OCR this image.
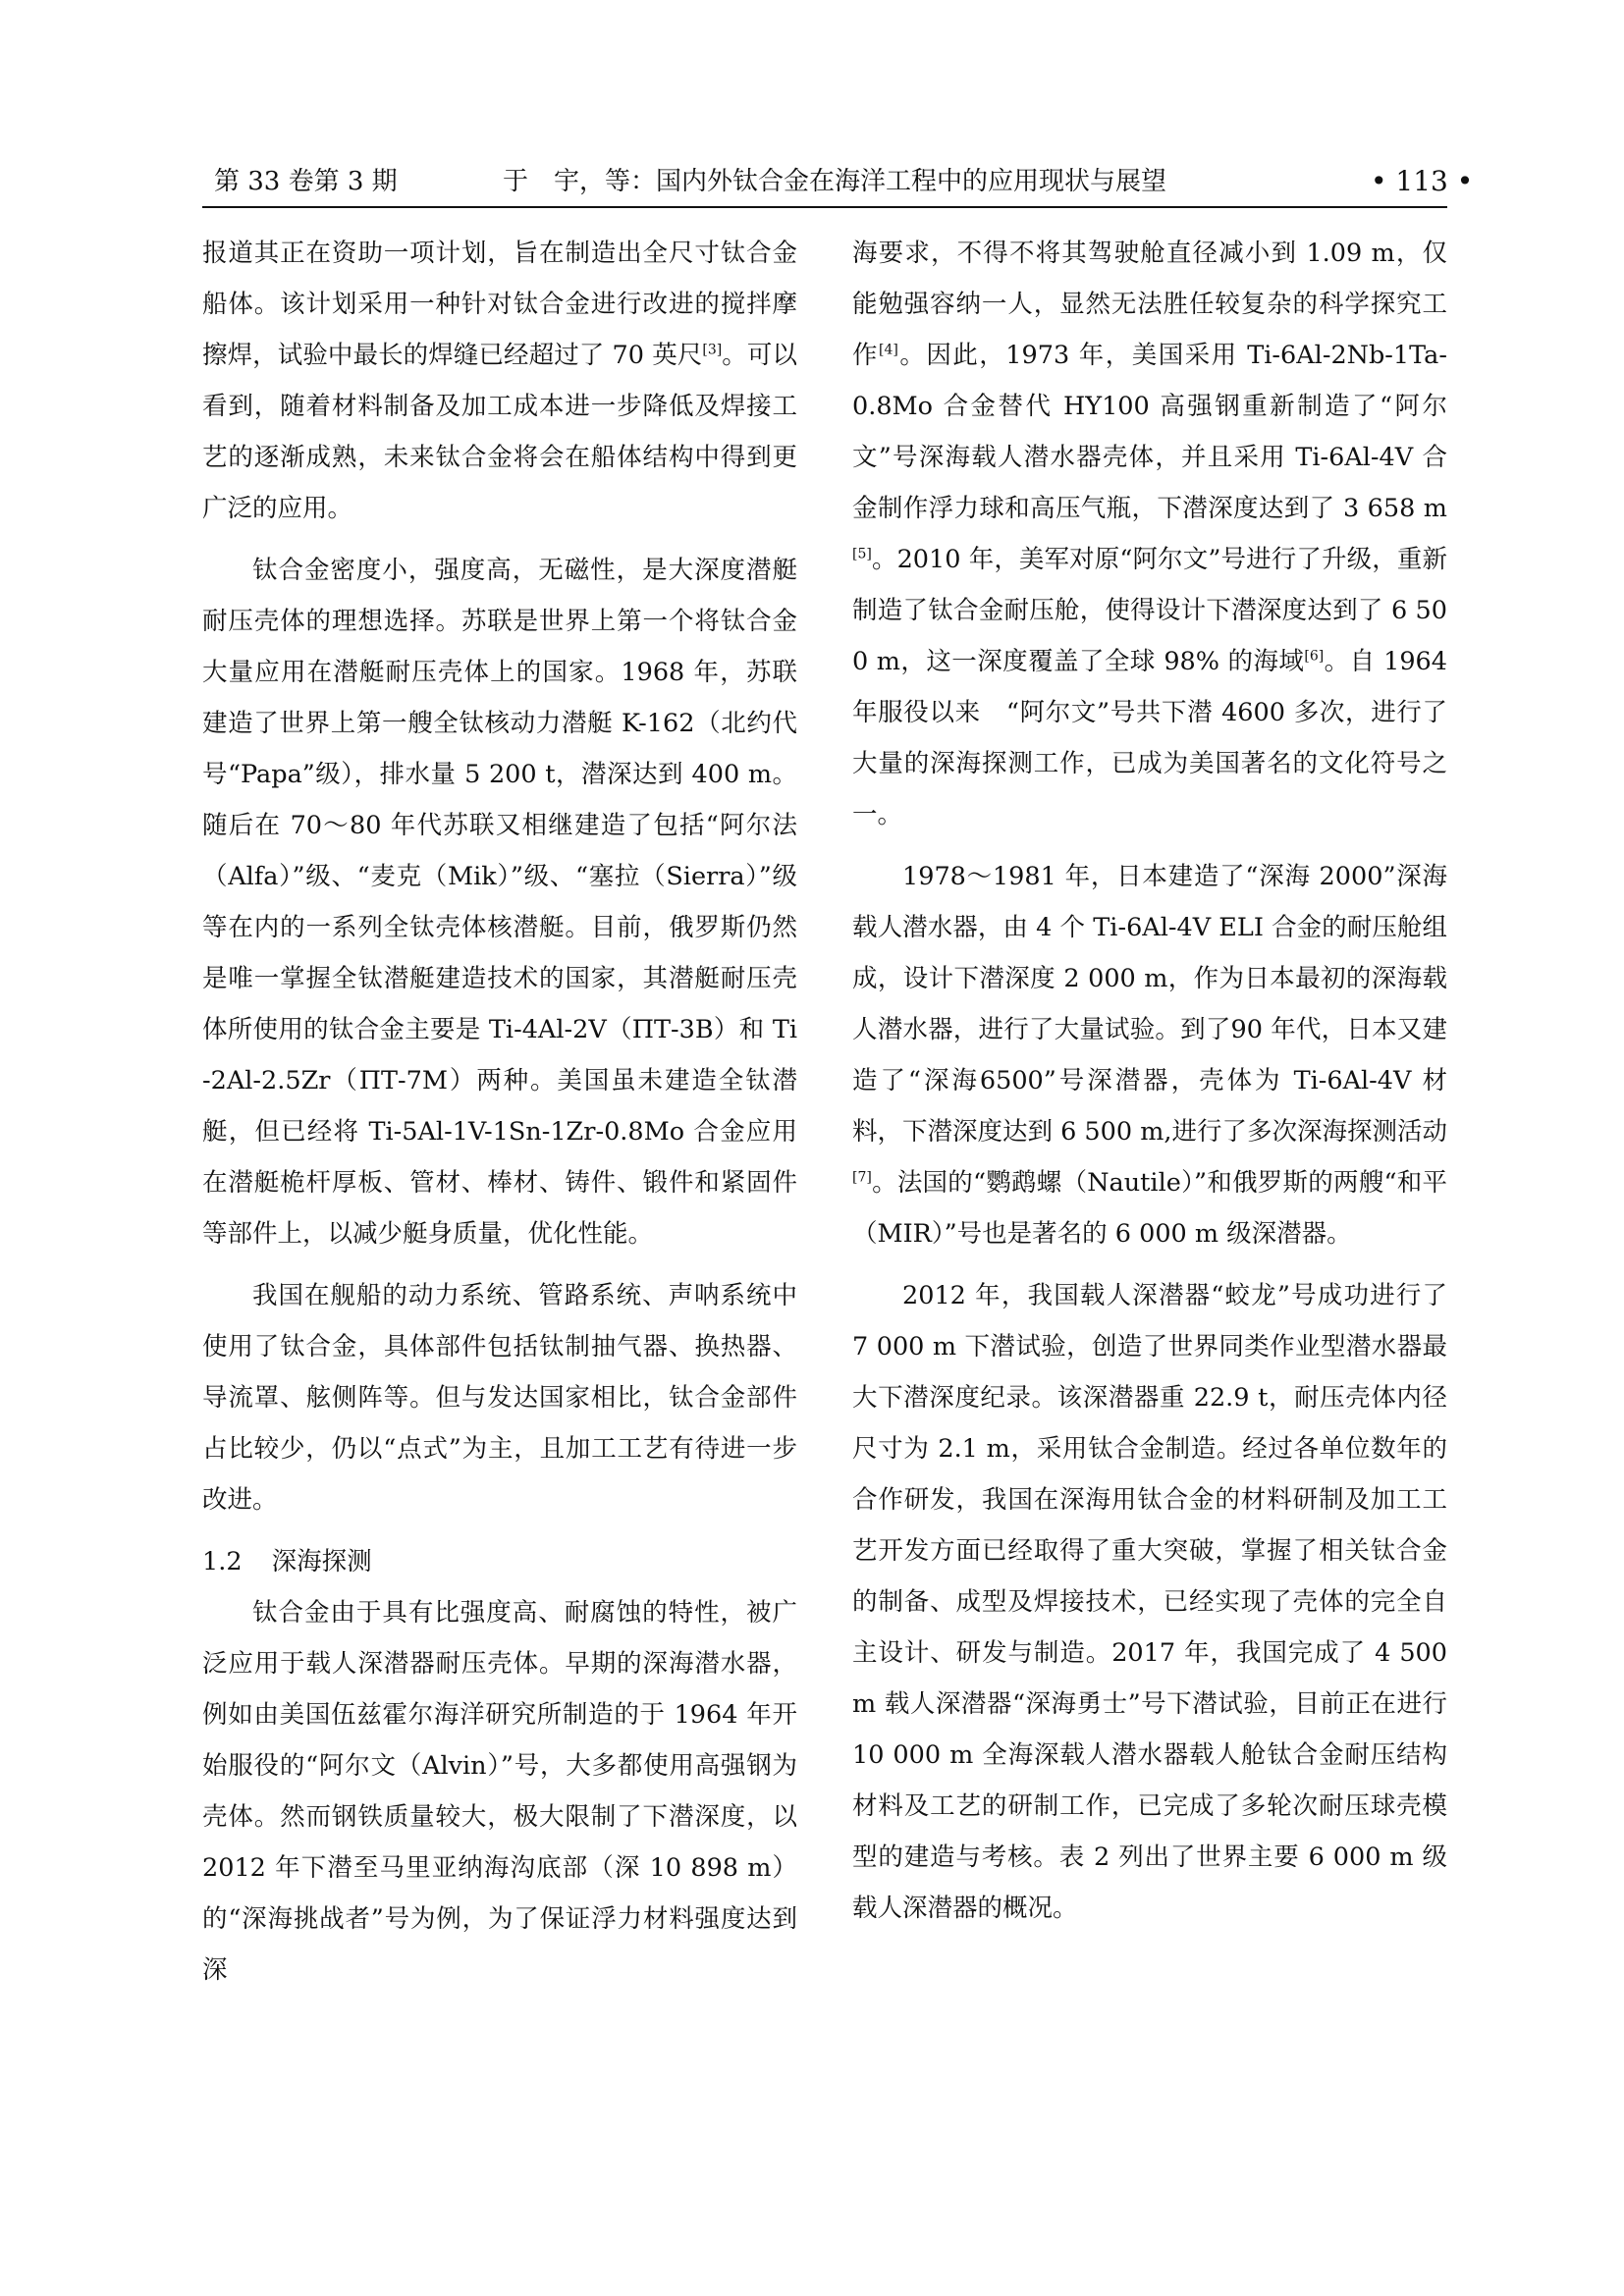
第 33 卷第 3 期	于　宇，等：国内外钛合金在海洋工程中的应用现状与展望	• 113 •

报道其正在资助一项计划，旨在制造出全尺寸钛合金船体。该计划采用一种针对钛合金进行改进的搅拌摩擦焊，试验中最长的焊缝已经超过了 70 英尺[3]。可以看到，随着材料制备及加工成本进一步降低及焊接工艺的逐渐成熟，未来钛合金将会在船体结构中得到更广泛的应用。

钛合金密度小，强度高，无磁性，是大深度潜艇耐压壳体的理想选择。苏联是世界上第一个将钛合金大量应用在潜艇耐压壳体上的国家。1968 年，苏联建造了世界上第一艘全钛核动力潜艇 K-162（北约代号“Papa”级），排水量 5 200 t，潜深达到 400 m。随后在 70～80 年代苏联又相继建造了包括“阿尔法（Alfa）”级、“麦克（Mik）”级、“塞拉（Sierra）”级等在内的一系列全钛壳体核潜艇。目前，俄罗斯仍然是唯一掌握全钛潜艇建造技术的国家，其潜艇耐压壳体所使用的钛合金主要是 Ti-4Al-2V（ПТ-3В）和 Ti-2Al-2.5Zr（ПТ-7М）两种。美国虽未建造全钛潜艇，但已经将 Ti-5Al-1V-1Sn-1Zr-0.8Mo 合金应用在潜艇桅杆厚板、管材、棒材、铸件、锻件和紧固件等部件上，以减少艇身质量，优化性能。

我国在舰船的动力系统、管路系统、声呐系统中使用了钛合金，具体部件包括钛制抽气器、换热器、导流罩、舷侧阵等。但与发达国家相比，钛合金部件占比较少，仍以“点式”为主，且加工工艺有待进一步改进。

1.2 深海探测

钛合金由于具有比强度高、耐腐蚀的特性，被广泛应用于载人深潜器耐压壳体。早期的深海潜水器，例如由美国伍兹霍尔海洋研究所制造的于 1964 年开始服役的“阿尔文（Alvin）”号，大多都使用高强钢为壳体。然而钢铁质量较大，极大限制了下潜深度，以 2012 年下潜至马里亚纳海沟底部（深 10 898 m）的“深海挑战者”号为例，为了保证浮力材料强度达到深

海要求，不得不将其驾驶舱直径减小到 1.09 m，仅能勉强容纳一人，显然无法胜任较复杂的科学探究工作[4]。因此，1973 年，美国采用 Ti-6Al-2Nb-1Ta-0.8Mo 合金替代 HY100 高强钢重新制造了“阿尔文”号深海载人潜水器壳体，并且采用 Ti-6Al-4V 合金制作浮力球和高压气瓶，下潜深度达到了 3 658 m[5]。2010 年，美军对原“阿尔文”号进行了升级，重新制造了钛合金耐压舱，使得设计下潜深度达到了 6 500 m，这一深度覆盖了全球 98% 的海域[6]。自 1964 年服役以来　“阿尔文”号共下潜 4600 多次，进行了大量的深海探测工作，已成为美国著名的文化符号之一。

1978～1981 年，日本建造了“深海 2000”深海载人潜水器，由 4 个 Ti-6Al-4V ELI 合金的耐压舱组成，设计下潜深度 2 000 m，作为日本最初的深海载人潜水器，进行了大量试验。到了90 年代，日本又建造了“深海6500”号深潜器，壳体为 Ti-6Al-4V 材料，下潜深度达到 6 500 m,进行了多次深海探测活动[7]。法国的“鹦鹉螺（Nautile）”和俄罗斯的两艘“和平（MIR）”号也是著名的 6 000 m 级深潜器。

2012 年，我国载人深潜器“蛟龙”号成功进行了 7 000 m 下潜试验，创造了世界同类作业型潜水器最大下潜深度纪录。该深潜器重 22.9 t，耐压壳体内径尺寸为 2.1 m，采用钛合金制造。经过各单位数年的合作研发，我国在深海用钛合金的材料研制及加工工艺开发方面已经取得了重大突破，掌握了相关钛合金的制备、成型及焊接技术，已经实现了壳体的完全自主设计、研发与制造。2017 年，我国完成了 4 500 m 载人深潜器“深海勇士”号下潜试验，目前正在进行 10 000 m 全海深载人潜水器载人舱钛合金耐压结构材料及工艺的研制工作，已完成了多轮次耐压球壳模型的建造与考核。表 2 列出了世界主要 6 000 m 级载人深潜器的概况。
